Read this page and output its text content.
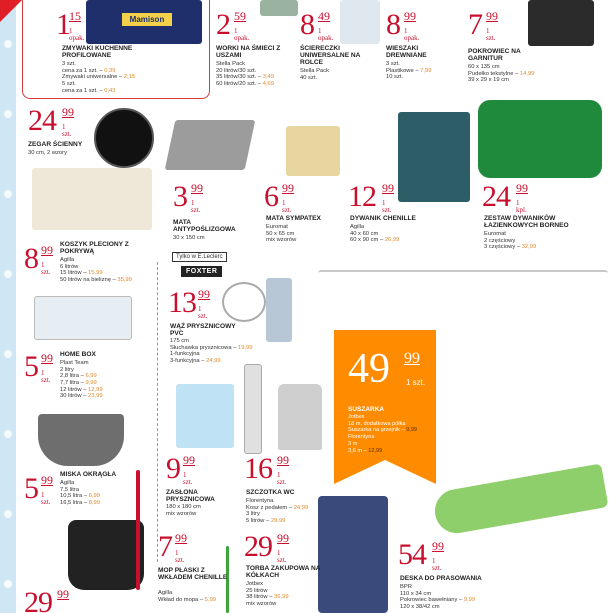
Mamison
1 15
1 opak.
ZMYWAKI KUCHENNE PROFILOWANE
3 szt.
cena za 1 szt. – 0,39
Zmywaki uniwersalne – 2,15
5 szt.
cena za 1 szt. – 0,43
2 59
1 opak.
WORKI NA ŚMIECI Z USZAMI
Stella Pack
20 litrów/30 szt.
35 litrów/30 szt. – 3,49
60 litrów/20 szt. – 4,69
8 49
1 opak.
ŚCIERECZKI UNIWERSALNE NA ROLCE
Stella Pack
40 szt.
8 99
1 opak.
WIESZAKI DREWNIANE
3 szt.
Plastikowe – 7,99
10 szt.
7 99
1 szt.
POKROWIEC NA GARNITUR
60 x 135 cm
Pudełko tekstylne – 14,99
39 x 29 x 19 cm
24 99
1 szt.
ZEGAR ŚCIENNY
30 cm, 2 wzory
3 99
1 szt.
MATA ANTYPOŚLIZGOWA
30 x 150 cm
6 99
1 szt.
MATA SYMPATEX
Euromat
50 x 65 cm
mix wzorów
12 99
1 szt.
DYWANIK CHENILLE
Agilla
40 x 60 cm
60 x 90 cm – 26,99
24 99
1 kpl.
ZESTAW DYWANIKÓW ŁAZIENKOWYCH BORNEO
Euromat
2 częściowy
3 częściowy – 32,99
8 99
1 szt.
KOSZYK PLECIONY Z POKRYWĄ
Agilla
6 litrów
15 litrów – 15,99
50 litrów na bieliznę – 35,99
Tylko w E.Leclerc
FOXTER
13 99
1 szt.
WĄŻ PRYSZNICOWY PVC
175 cm
Słuchawka prysznicowa – 19,99
1-funkcyjna
3-funkcyjna – 24,99
5 99
1 szt.
HOME BOX
Plast Team
2 litry
2,8 litra – 6,99
7,7 litra – 9,99
12 litrów – 12,99
30 litrów – 23,99
49 99
1 szt.
SUSZARKA
Jotbex
18 m, dodatkowa półka
Suszarka na grzejnik – 9,99
Florentyna
3 m
3,6 m – 12,99
5 99
1 szt.
MISKA OKRĄGŁA
Agilla
7,5 litra
10,5 litra – 6,99
16,5 litra – 8,99
9 99
1 szt.
ZASŁONA PRYSZNICOWA
180 x 180 cm
mix wzorów
16 99
1 szt.
SZCZOTKA WC
Florentyna
Kosz z pedałem – 24,99
3 litry
5 litrów – 29,99
54 99
1 szt.
DESKA DO PRASOWANIA
BPR
110 x 34 cm
Pokrowiec bawełniany – 9,99
120 x 38/42 cm
29 99
1 szt.
TORBA ZAKUPOWA NA KÓŁKACH
Jotbex
25 litrów
38 litrów – 36,99
mix wzorów
7 99
1 szt.
MOP PŁASKI Z WKŁADEM CHENILLE
Agilla
Wkład do mopa – 5,99
29 99
